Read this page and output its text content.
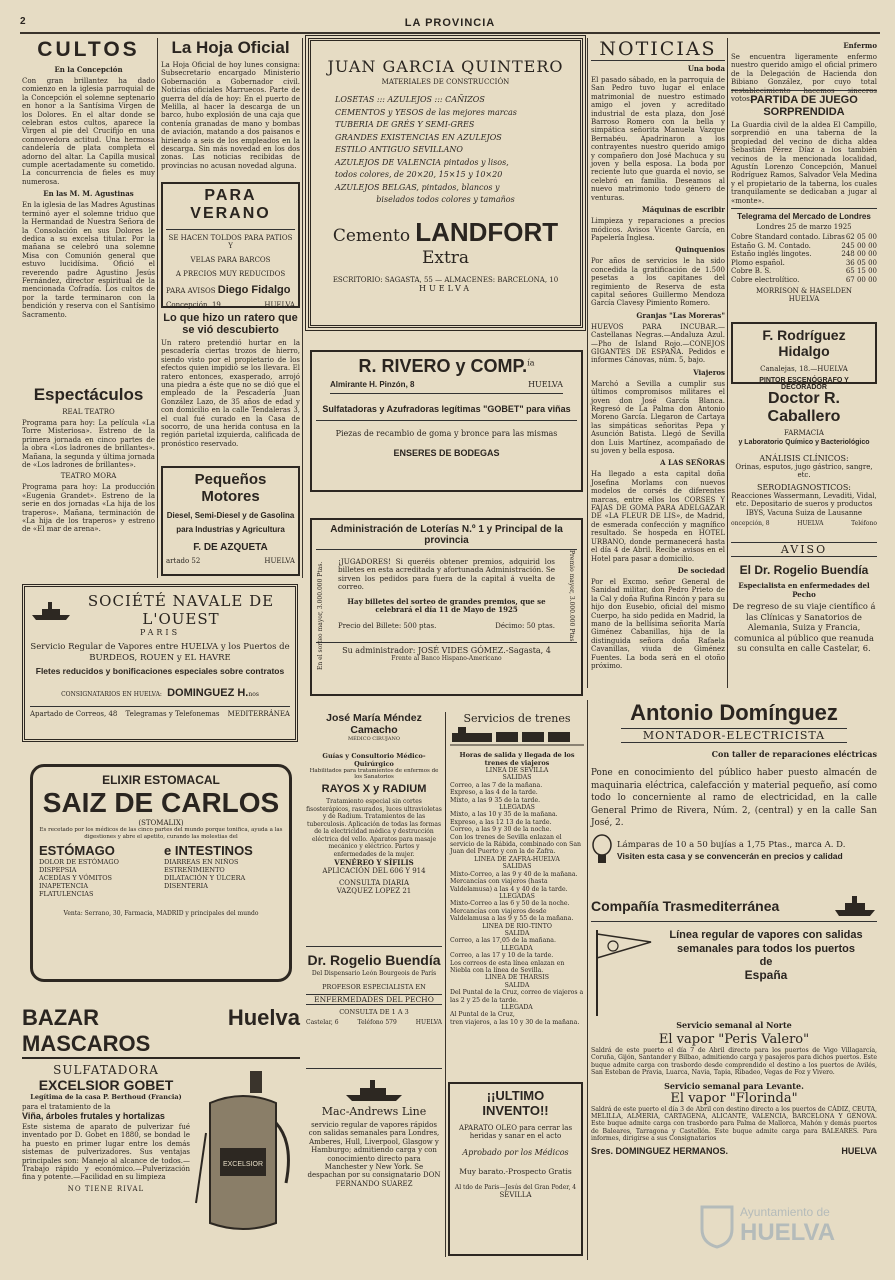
2	LA PROVINCIA
CULTOS
En la Concepción
Con gran brillantez ha dado comienzo en la iglesia parroquial de la Concepción el solemne septenario en honor a la Santísima Virgen de los Dolores. En el altar donde se celebran estos cultos, aparece la Virgen al pie del Crucifijo en una conmovedora actitud. Una hermosa candelería de plata completa el adorno del altar. La Capilla musical cumple acertadamente su cometido. La concurrencia de fieles es muy numerosa.
En las M. M. Agustinas
En la iglesia de las Madres Agustinas terminó ayer el solemne triduo que la Hermandad de Nuestra Señora de la Consolación en sus Dolores le dedica a su excelsa titular. Por la mañana se celebró una solemne Misa con Comunión general que estuvo lucidísima. Ofició el reverendo padre Agustino Jesús Fernández, director espiritual de la mencionada Cofradía. Los cultos de por la tarde terminaron con la bendición y reserva con el Santísimo Sacramento.
Espectáculos
REAL TEATRO
Programa para hoy: La película «La Torre Misteriosa». Estreno de la primera jornada en cinco partes de la obra «Los ladrones de brillantes». Mañana, la segunda y última jornada de «Los ladrones de brillantes».
TEATRO MORA
Programa para hoy: La producción «Eugenia Grandet». Estreno de la serie en dos jornadas «La hija de los traperos». Mañana, terminación de «La hija de los traperos» y estreno de «El mar de arena».
La Hoja Oficial
La Hoja Oficial de hoy lunes consigna: Subsecretario encargado Ministerio Gobernación a Gobernador civil. Noticias oficiales Marruecos. Parte de guerra del día de hoy: En el puerto de Melilla, al hacer la descarga de un barco, hubo explosión de una caja que contenía granadas de mano y bombas de aviación, matando a dos paisanos e hiriendo a seis de los empleados en la descarga. Sin más novedad en los dos zonas. Las noticias recibidas de provincias no acusan novedad alguna.
PARA VERANO
SE HACEN TOLDOS PARA PATIOS Y
VELAS PARA BARCOS
A PRECIOS MUY REDUCIDOS
PARA AVISOS Diego Fidalgo
Concepción, 19	HUELVA
Lo que hizo un ratero que se vió descubierto
Un ratero pretendió hurtar en la pescadería ciertas trozos de hierro, siendo visto por el propietario de los efectos quien impidió se los llevara. El ratero entonces, exasperado, arrojó una piedra a éste que no se dió que el empleado de la Pescadería Juan González Lazo, de 35 años de edad y con domicilio en la calle Tendaleras 3, el cual fué curado en la Casa de socorro, de una herida contusa en la región parietal izquierda, calificada de pronóstico reservado.
Pequeños Motores
Diesel, Semi-Diesel y de Gasolina
para Industrias y Agricultura
F. DE AZQUETA
artado 52	HUELVA
JUAN GARCIA QUINTERO
MATERIALES DE CONSTRUCCIÓN
LOSETAS ::: AZULEJOS ::: CAÑIZOS
CEMENTOS y YESOS de las mejores marcas
TUBERIA DE GRÉS Y SEMI-GRES
GRANDES EXISTENCIAS EN AZULEJOS
ESTILO ANTIGUO SEVILLANO
AZULEJOS DE VALENCIA pintados y lisos,
todos colores, de 20×20, 15×15 y 10×20
AZULEJOS BELGAS, pintados, blancos y
biselados todos colores y tamaños
Cemento LANDFORT Extra
ESCRITORIO: SAGASTA, 55 — ALMACENES: BARCELONA, 10
HUELVA
R. RIVERO y COMP.$^{ía}$
Almirante H. Pinzón, 8	HUELVA
Sulfatadoras y Azufradoras legítimas "GOBET" para viñas
Piezas de recambio de goma y bronce para las mismas
ENSERES DE BODEGAS
Administración de Loterías N.º 1 y Principal de la provincia
En el sorteo mayor, 3.000.000 Ptas.	Premio mayor, 3.000.000 Ptas.
¡JUGADORES! Si queréis obtener premios, adquirid los billetes en esta acreditada y afortunada Administración. Se sirven los pedidos para fuera de la capital á vuelta de correo.
Hay billetes del sorteo de grandes premios, que se celebrará el día 11 de Mayo de 1925
Precio del Billete: 500 ptas.	Décimo: 50 ptas.
Su administrador: JOSÉ VIDES GÓMEZ.-Sagasta, 4
Frente al Banco Hispano-Americano
NOTICIAS
Una boda
El pasado sábado, en la parroquia de San Pedro tuvo lugar el enlace matrimonial de nuestro estimado amigo el joven y acreditado industrial de esta plaza, don José Barroso Romero con la bella y simpática señorita Manuela Vazque Bernabéu. Apadrinaron a los contrayentes nuestro querido amigo y compañero don José Machuca y su joven y bella esposa. La boda por reciente luto que guarda el novio, se celebró en familia. Deseamos al nuevo matrimonio todo género de venturas.
Máquinas de escribir
Limpieza y reparaciones a precios módicos. Avisos Vicente García, en Papelería Inglesa.
Quinquenios
Por años de servicios le ha sido concedida la gratificación de 1.500 pesetas a los capitanes del regimiento de Reserva de esta capital señores Guillermo Mendoza García Clavesy Pimiento Romero.
Granjas "Las Moreras"
HUEVOS PARA INCUBAR.—Castellanas Negras.—Andaluza Azul.—Pho de Island Rojo.—CONEJOS GIGANTES DE ESPAÑA. Pedidos e informes Cánovas, núm. 5, bajo.
Viajeros
Marchó a Sevilla a cumplir sus últimos compromisos militares el joven don José García Blanca. Regresó de La Palma don Antonio Moreno García. Llegaron de Cartaya las simpáticas señoritas Pepa y Asunción Batista. Llegó de Sevilla don Luis Martínez, acompañado de su joven y bella esposa.
A LAS SEÑORAS
Ha llegado a esta capital doña Josefina Morlams con nuevos modelos de corsés de diferentes marcas, entre ellos los CORSES Y FAJAS DE GOMA PARA ADELGAZAR DE «LA FLEUR DE LIS», de Madrid, de esmerada confección y magnífico resultado. Se hospeda en HOTEL URBANO, donde permanecerá hasta el día 4 de Abril. Recibe avisos en el Hotel para pasar a domicilio.
De sociedad
Por el Excmo. señor General de Sanidad militar, don Pedro Prieto de la Cal y doña Rufina Rincón y para su hijo don Eusebio, oficial del mismo Cuerpo, ha sido pedida en Madrid, la mano de la bellísima señorita María Giménez Cabanillas, hija de la distinguida señora doña Rafaela Cavanillas, viuda de Giménez Fuentes. La boda será en el otoño próximo.
Enfermo
Se encuentra ligeramente enfermo nuestro querido amigo el oficial primero de la Delegación de Hacienda don Bibiano González, por cuyo total restablecimiento hacemos sinceros votos.
PARTIDA DE JUEGO SORPRENDIDA
La Guardia civil de la aldea El Campillo, sorprendió en una taberna de la propiedad del vecino de dicha aldea Sebastián Pérez Díaz a los también vecinos de la mencionada localidad, Agustín Lorenzo Concepción, Manuel Rodríguez Ramos, Salvador Vela Medina y el propietario de la taberna, los cuales tranquilamente se dedicaban a jugar al «monte».
Telegrama del Mercado de Londres
Londres 25 de marzo 1925
Cobre Standard contado. Libras 62 05 00
Estaño G. M. Contado.	245 00 00
Estaño inglés lingotes.	248 00 00
Plomo español.	36 05 00
Cobre B. S.	65 15 00
Cobre electrolítico.	67 00 00
MORRISON & HASELDEN
HUELVA
F. Rodríguez Hidalgo
Canalejas, 18.—HUELVA
PINTOR ESCENÓGRAFO Y DECORADOR
Doctor R. Caballero
FARMACIA
y Laboratorio Químico y Bacteriológico
ANÁLISIS CLÍNICOS:
Orinas, esputos, jugo gástrico, sangre, etc.
SERODIAGNOSTICOS:
Reacciones Wassermann, Levaditi, Vidal, etc. Depositario de sueros y productos IBYS, Vacuna Suiza de Lausanne
oncepción, 8	HUELVA	Teléfono
AVISO
El Dr. Rogelio Buendía
Especialista en enfermedades del Pecho
De regreso de su viaje científico á las Clínicas y Sanatorios de Alemania, Suiza y Francia, comunica al público que reanuda su consulta en calle Castelar, 6.
SOCIÉTÉ NAVALE DE L'OUEST
PARIS
Servicio Regular de Vapores entre HUELVA y los Puertos de BURDEOS, ROUEN y EL HAVRE
Fletes reducidos y bonificaciones especiales sobre contratos
CONSIGNATARIOS EN HUELVA:
DOMINGUEZ H. nos
Apartado de Correos, 48 Telegramas y Telefonemas MEDITERRÁNEA
ELIXIR ESTOMACAL
SAIZ DE CARLOS
(STOMALIX)
Es recetado por los médicos de las cinco partes del mundo porque tonifica, ayuda a las digestiones y abre el apetito, curando las molestias del
ESTÓMAGO
DOLOR DE ESTÓMAGO
DISPEPSIA
ACEDÍAS Y VÓMITOS
INAPETENCIA
FLATULENCIAS
e INTESTINOS
DIARREAS EN NIÑOS
ESTREÑIMIENTO
DILATACIÓN Y ÚLCERA
DISENTERIA
Venta: Serrano, 30, Farmacia, MADRID y principales del mundo
BAZAR MASCAROS
Huelva
SULFATADORA
EXCELSIOR GOBET
Legítima de la casa P. Berthoud (Francia)
para el tratamiento de la
Viña, árboles frutales y hortalizas
Este sistema de aparato de pulverizar fué inventado por D. Gobet en 1880, se bondad le ha puesto en primer lugar entre los demás sistemas de pulverizadores. Sus ventajas principales son: Manejo al alcance de todos.—Trabajo rápido y económico.—Pulverización fina y potente.—Facilidad en su limpieza
NO TIENE RIVAL
EXCELSIOR
José María Méndez Camacho
MÉDICO CIRUJANO
Guías y Consultorio Médico-Quirúrgico
Habilitados para tratamientos de enfermos de los Sanatorios
RAYOS X y RADIUM
Tratamiento especial sin cortes fisosterápicos, rasurados, luces ultravioletas y de Radium. Tratamientos de las tuberculosis. Aplicación de todas las formas de la electricidad médica y destrucción eléctrica del vello. Aparatos para masaje mecánico y eléctrico. Partos y enfermedades de la mujer.
VENÉREO Y SÍFILIS
APLICACIÓN DEL 606 Y 914
CONSULTA DIARIA
VAZQUEZ LOPEZ 21
Dr. Rogelio Buendía
Del Dispensario León Bourgeois de París
PROFESOR ESPECIALISTA EN
ENFERMEDADES DEL PECHO
CONSULTA DE 1 A 3
Castelar, 6	Teléfono 579	HUELVA
Mac-Andrews Line
servicio regular de vapores rápidos con salidas semanales para Londres, Amberes, Hull, Liverpool, Glasgow y Hamburgo; admitiendo carga y con conocimiento directo para Manchester y New York. Se despachan por su consignatario DON FERNANDO SUAREZ
Servicios de trenes
Horas de salida y llegada de los trenes de viajeros
LINEA DE SEVILLA
SALIDAS
Correo, a las 7 de la mañana.
Expreso, a las 4 de la tarde.
Mixto, a las 9 35 de la tarde.
LLEGADAS
Mixto, a las 10 y 35 de la mañana.
Expreso, a las 12 13 de la tarde.
Correo, a las 9 y 30 de la noche.
Con los trenes de Sevilla enlazan el servicio de la Rábida, combinado con San Juan del Puerto y con la de Zafra.
LINEA DE ZAFRA-HUELVA
SALIDAS
Mixto-Correo, a las 9 y 40 de la mañana.
Mercancías con viajeros (hasta Valdelamusa) a las 4 y 40 de la tarde.
LLEGADAS
Mixto-Correo a las 6 y 50 de la noche.
Mercancías con viajeros desde Valdelamusa a las 9 y 55 de la mañana.
LINEA DE RIO-TINTO
SALIDA
Correo, a las 17,05 de la mañana.
LLEGADA
Correo, a las 17 y 10 de la tarde.
Los correos de esta línea enlazan en Niebla con la línea de Sevilla.
LINEA DE THARSIS
SALIDA
Del Puntal de la Cruz, correo de viajeros a las 2 y 25 de la tarde.
LLEGADA
Al Puntal de la Cruz,
tren viajeros, a las 10 y 30 de la mañana.
¡¡ULTIMO INVENTO!!
APARATO OLEO para cerrar las heridas y sanar en el acto
Aprobado por los Médicos
Muy barato.-Prospecto Gratis
Al tdo de Paris—Jesús del Gran Poder, 4
SEVILLA
Antonio Domínguez
MONTADOR-ELECTRICISTA
Con taller de reparaciones eléctricas
Pone en conocimiento del público haber puesto almacén de maquinaria eléctrica, calefacción y material pequeño, así como todo lo concerniente al ramo de electricidad, en la calle General Primo de Rivera, Núm. 2, (central) y en la calle San José, 2.
Lámparas de 10 a 50 bujías a 1,75 Ptas., marca A. D.
Visiten esta casa y se convencerán en precios y calidad
Compañía Trasmediterránea
Línea regular de vapores con salidas semanales para todos los puertos
de
España
Servicio semanal al Norte
El vapor "Peris Valero"
Saldrá de este puerto el día 7 de Abril directo para los puertos de Vigo Villagarcía, Coruña, Gijón, Santander y Bilbao, admitiendo carga y pasajeros para dichos puertos. Este buque admite carga con trasbordo desde comprendido el destino a los puertos de Avilés, San Esteban de Pravia, Luarca, Navia, Tapia, Ribadeo, Vegas de Foz y Vivero.
Servicio semanal para Levante.
El vapor "Florinda"
Saldrá de este puerto el día 3 de Abril con destino directo a los puertos de CÁDIZ, CEUTA, MELILLA, ALMERIA, CARTAGENA, ALICANTE, VALENCIA, BARCELONA Y GÉNOVA. Este buque admite carga con trasbordo para Palma de Mallorca, Mahón y demás puertos de Baleares, Tarragona y Castellón. Este buque admite carga para BALEARES. Para informes, dirigirse a sus Consignatarios
Sres. DOMINGUEZ HERMANOS.	HUELVA
Ayuntamiento de
HUELVA
